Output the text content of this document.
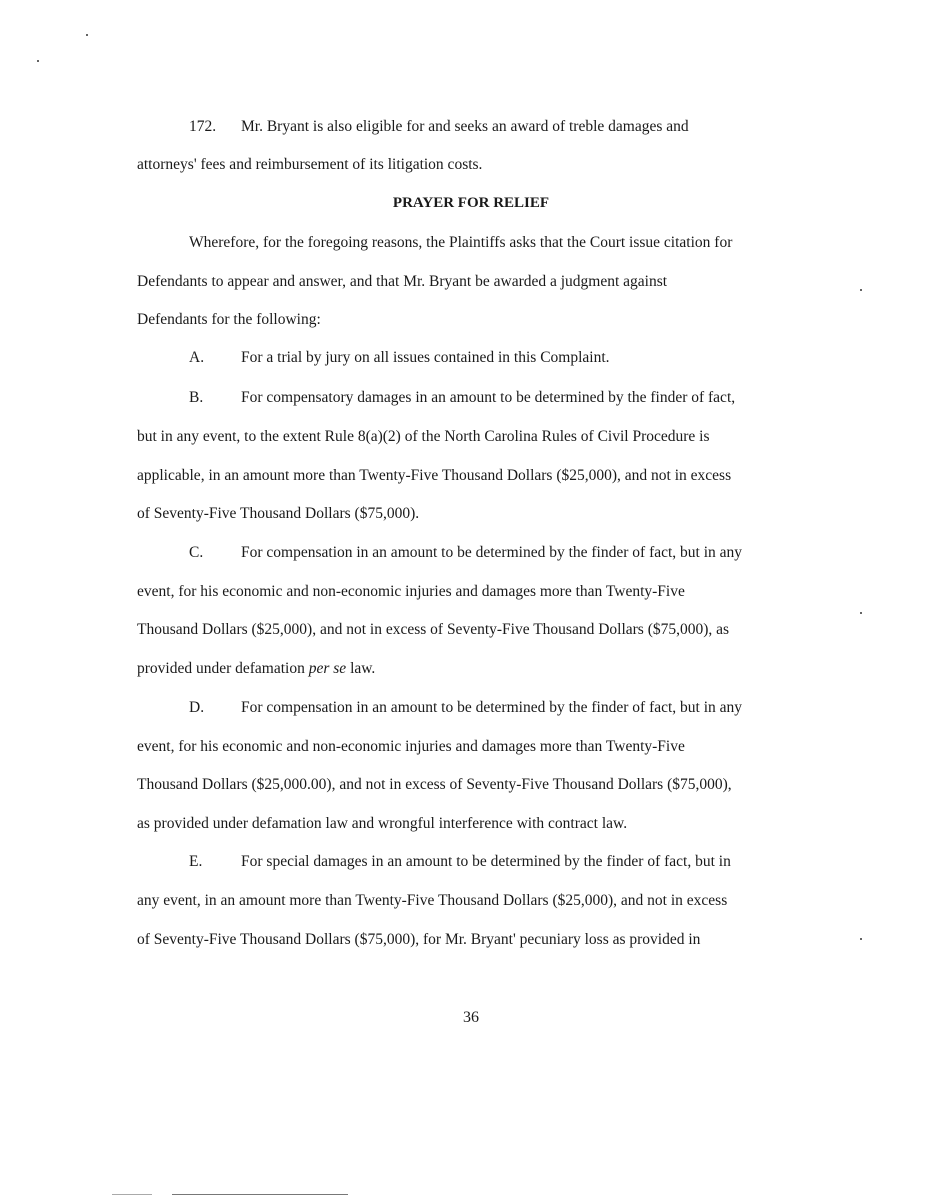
172. Mr. Bryant is also eligible for and seeks an award of treble damages and
attorneys' fees and reimbursement of its litigation costs.
PRAYER FOR RELIEF
Wherefore, for the foregoing reasons, the Plaintiffs asks that the Court issue citation for
Defendants to appear and answer, and that Mr. Bryant be awarded a judgment against
Defendants for the following:
A. For a trial by jury on all issues contained in this Complaint.
B. For compensatory damages in an amount to be determined by the finder of fact,
but in any event, to the extent Rule 8(a)(2) of the North Carolina Rules of Civil Procedure is
applicable, in an amount more than Twenty-Five Thousand Dollars ($25,000), and not in excess
of Seventy-Five Thousand Dollars ($75,000).
C. For compensation in an amount to be determined by the finder of fact, but in any
event, for his economic and non-economic injuries and damages more than Twenty-Five
Thousand Dollars ($25,000), and not in excess of Seventy-Five Thousand Dollars ($75,000), as
provided under defamation per se law.
D. For compensation in an amount to be determined by the finder of fact, but in any
event, for his economic and non-economic injuries and damages more than Twenty-Five
Thousand Dollars ($25,000.00), and not in excess of Seventy-Five Thousand Dollars ($75,000),
as provided under defamation law and wrongful interference with contract law.
E. For special damages in an amount to be determined by the finder of fact, but in
any event, in an amount more than Twenty-Five Thousand Dollars ($25,000), and not in excess
of Seventy-Five Thousand Dollars ($75,000), for Mr. Bryant' pecuniary loss as provided in
36
